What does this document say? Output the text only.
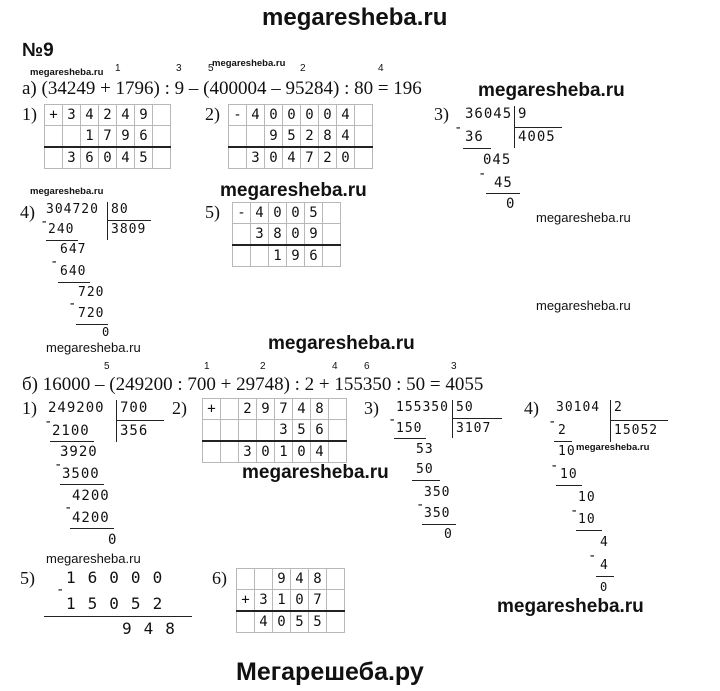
megaresheba.ru
№9
megaresheba.ru
megaresheba.ru
megaresheba.ru
megaresheba.ru	megaresheba.ru
megaresheba.ru
megaresheba.ru
megaresheba.ru
megaresheba.ru
megaresheba.ru
megaresheba.ru
megaresheba.ru
megaresheba.ru
Мегарешеба.ру
1	3	5	2	4
а) (34249 + 1796) : 9 – (400004 – 95284) : 80 = 196
1) +	3	4	2	4	9	
		1	7	9	6	
	3	6	0	4	5	
2) -	4	0	0	0	0	4	
		9	5	2	8	4	
	3	0	4	7	2	0	
3) 36045 9
4005
-
36
045
-
45
0
4) 304720 80
3809
-
240
647
-
640
720
-
720
0
5) -	4	0	0	5	
	3	8	0	9	
		1	9	6	
5	1	2	4	6	3
б) 16000 – (249200 : 700 + 29748) : 2 + 155350 : 50 = 4055
1) 249200 700
356
-
2100
3920
-
3500
4200
-
4200
0
2) +		2	9	7	4	8	
				3	5	6	
		3	0	1	0	4	
3) 155350 50
3107
-
150
53
50
350
-
350
0
4) 30104 2
15052
-
2
10
-
10
10
-
10
4
-
4
0
5)
-
16000
15052
948
6)
			9	4	8	
+	3	1	0	7	
	4	0	5	5	
